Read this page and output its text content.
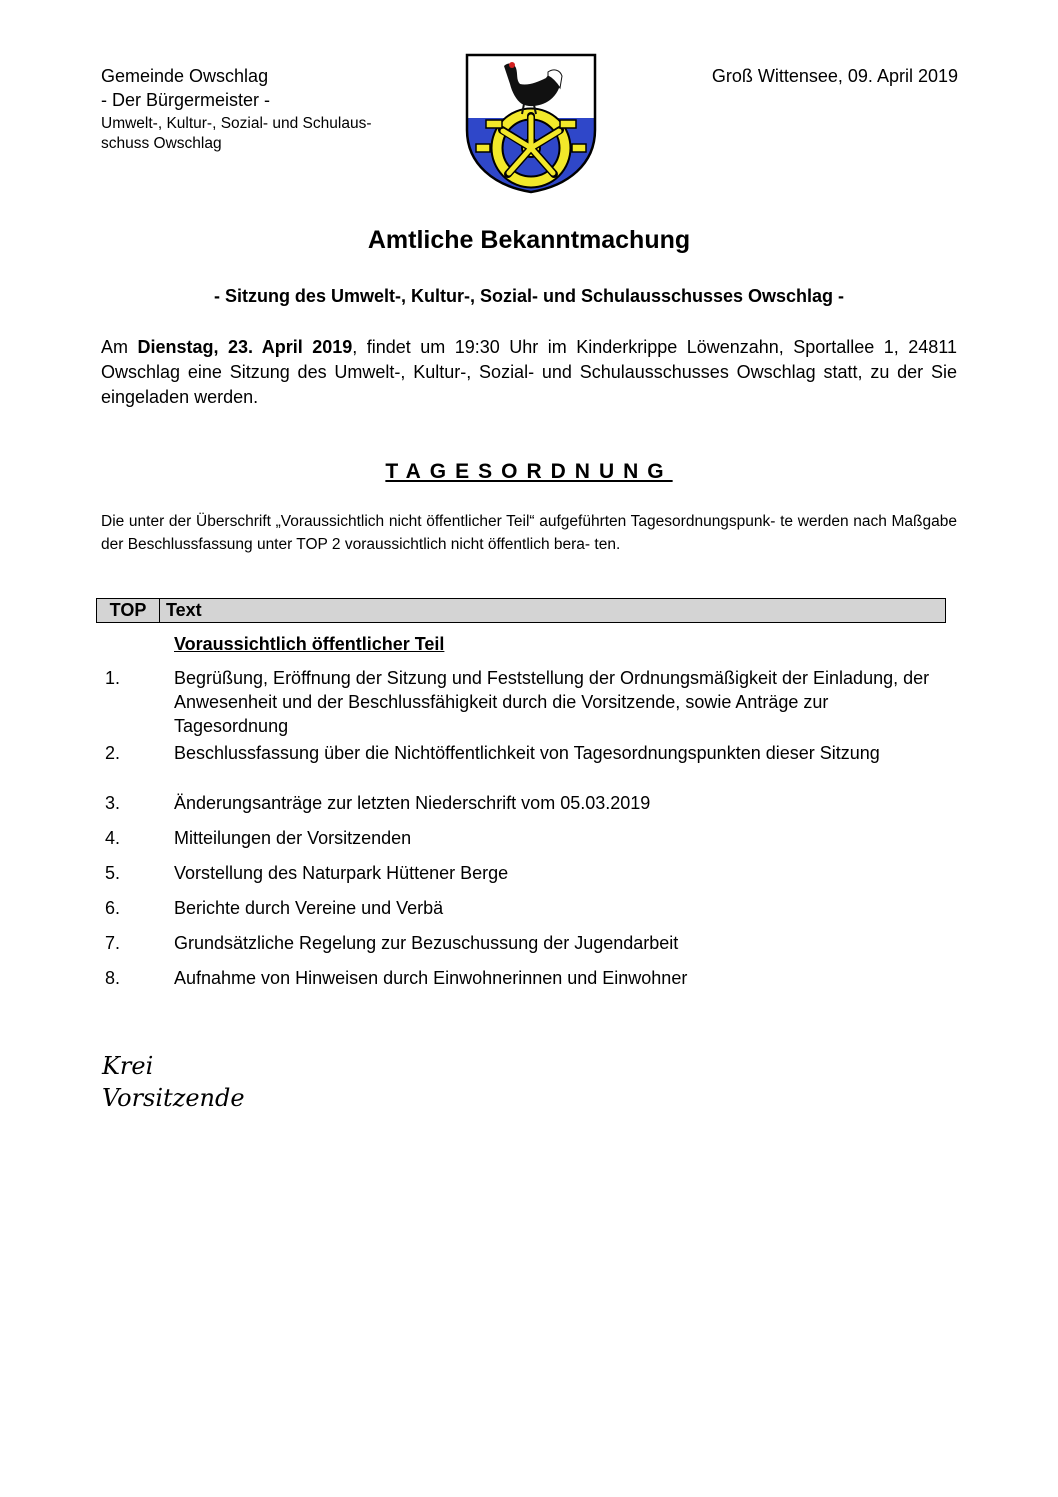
Gemeinde Owschlag
- Der Bürgermeister -
Umwelt-, Kultur-, Sozial- und Schulaus-
schuss Owschlag
Groß Wittensee, 09. April 2019
Amtliche Bekanntmachung
- Sitzung des Umwelt-, Kultur-, Sozial- und Schulausschusses Owschlag -
Am Dienstag, 23. April 2019, findet um 19:30 Uhr im Kinderkrippe Löwenzahn, Sportallee 1, 24811 Owschlag eine Sitzung des Umwelt-, Kultur-, Sozial- und Schulausschusses Owschlag statt, zu der Sie eingeladen werden.
TAGESORDNUNG
Die unter der Überschrift „Voraussichtlich nicht öffentlicher Teil“ aufgeführten Tagesordnungspunk- te werden nach Maßgabe der Beschlussfassung unter TOP 2 voraussichtlich nicht öffentlich bera- ten.
TOP	Text
Voraussichtlich öffentlicher Teil
1.	Begrüßung, Eröffnung der Sitzung und Feststellung der Ordnungsmäßigkeit der Einladung, der Anwesenheit und der Beschlussfähigkeit durch die Vorsitzende, sowie Anträge zur Tagesordnung
2.	Beschlussfassung über die Nichtöffentlichkeit von Tagesordnungspunkten dieser Sitzung
3.	Änderungsanträge zur letzten Niederschrift vom 05.03.2019
4.	Mitteilungen der Vorsitzenden
5.	Vorstellung des Naturpark Hüttener Berge
6.	Berichte durch Vereine und Verbä
7.	Grundsätzliche Regelung zur Bezuschussung der Jugendarbeit
8.	Aufnahme von Hinweisen durch Einwohnerinnen und Einwohner
Krei
Vorsitzende
